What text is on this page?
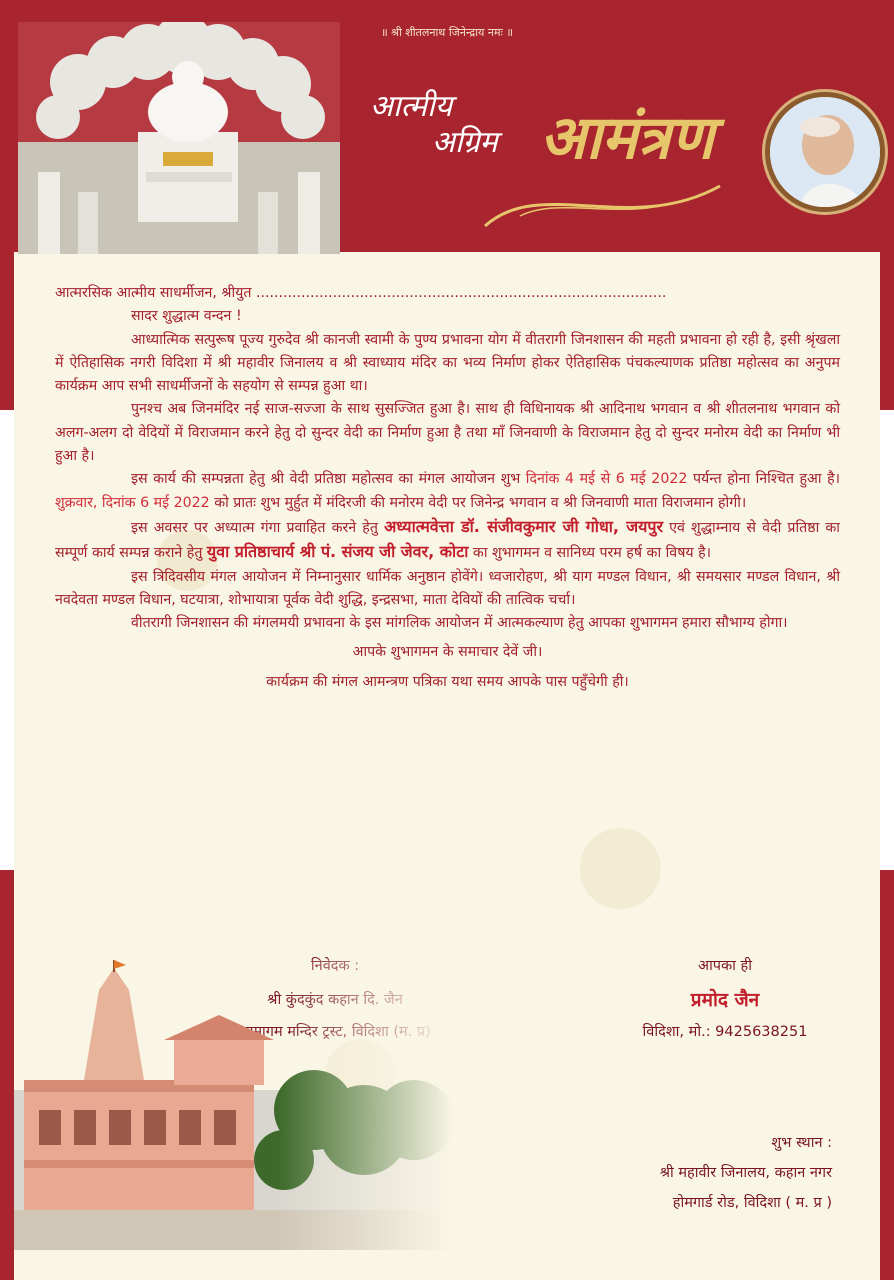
॥ श्री शीतलनाथ जिनेन्द्राय नमः ॥
आत्मीय
अग्रिम आमंत्रण

आत्मरसिक आत्मीय साधर्मीजन, श्रीयुत ...........................................................................................

सादर शुद्धात्म वन्दन !

आध्यात्मिक सत्पुरूष पूज्य गुरुदेव श्री कानजी स्वामी के पुण्य प्रभावना योग में वीतरागी जिनशासन की महती प्रभावना हो रही है, इसी श्रृंखला में ऐतिहासिक नगरी विदिशा में श्री महावीर जिनालय व श्री स्वाध्याय मंदिर का भव्य निर्माण होकर ऐतिहासिक पंचकल्याणक प्रतिष्ठा महोत्सव का अनुपम कार्यक्रम आप सभी साधर्मीजनों के सहयोग से सम्पन्न हुआ था।

पुनश्च अब जिनमंदिर नई साज-सज्जा के साथ सुसज्जित हुआ है। साथ ही विधिनायक श्री आदिनाथ भगवान व श्री शीतलनाथ भगवान को अलग-अलग दो वेदियों में विराजमान करने हेतु दो सुन्दर वेदी का निर्माण हुआ है तथा माँ जिनवाणी के विराजमान हेतु दो सुन्दर मनोरम वेदी का निर्माण भी हुआ है।

इस कार्य की सम्पन्नता हेतु श्री वेदी प्रतिष्ठा महोत्सव का मंगल आयोजन शुभ दिनांक 4 मई से 6 मई 2022 पर्यन्त होना निश्चित हुआ है। शुक्रवार, दिनांक 6 मई 2022 को प्रातः शुभ मुर्हुत में मंदिरजी की मनोरम वेदी पर जिनेन्द्र भगवान व श्री जिनवाणी माता विराजमान होगी।

इस अवसर पर अध्यात्म गंगा प्रवाहित करने हेतु अध्यात्मवेत्ता डॉ. संजीवकुमार जी गोधा, जयपुर एवं शुद्धाम्नाय से वेदी प्रतिष्ठा का सम्पूर्ण कार्य सम्पन्न कराने हेतु युवा प्रतिष्ठाचार्य श्री पं. संजय जी जेवर, कोटा का शुभागमन व सानिध्य परम हर्ष का विषय है।

इस त्रिदिवसीय मंगल आयोजन में निम्नानुसार धार्मिक अनुष्ठान होवेंगे। ध्वजारोहण, श्री याग मण्डल विधान, श्री समयसार मण्डल विधान, श्री नवदेवता मण्डल विधान, घटयात्रा, शोभायात्रा पूर्वक वेदी शुद्धि, इन्द्रसभा, माता देवियों की तात्विक चर्चा।

वीतरागी जिनशासन की मंगलमयी प्रभावना के इस मांगलिक आयोजन में आत्मकल्याण हेतु आपका शुभागमन हमारा सौभाग्य होगा।

आपके शुभागमन के समाचार देवें जी।

कार्यक्रम की मंगल आमन्त्रण पत्रिका यथा समय आपके पास पहुँचेगी ही।

आपका ही
प्रमोद जैन
विदिशा, मो.: 9425638251
शुभ स्थान :
श्री महावीर जिनालय, कहान नगर
होमगार्ड रोड, विदिशा ( म. प्र )
